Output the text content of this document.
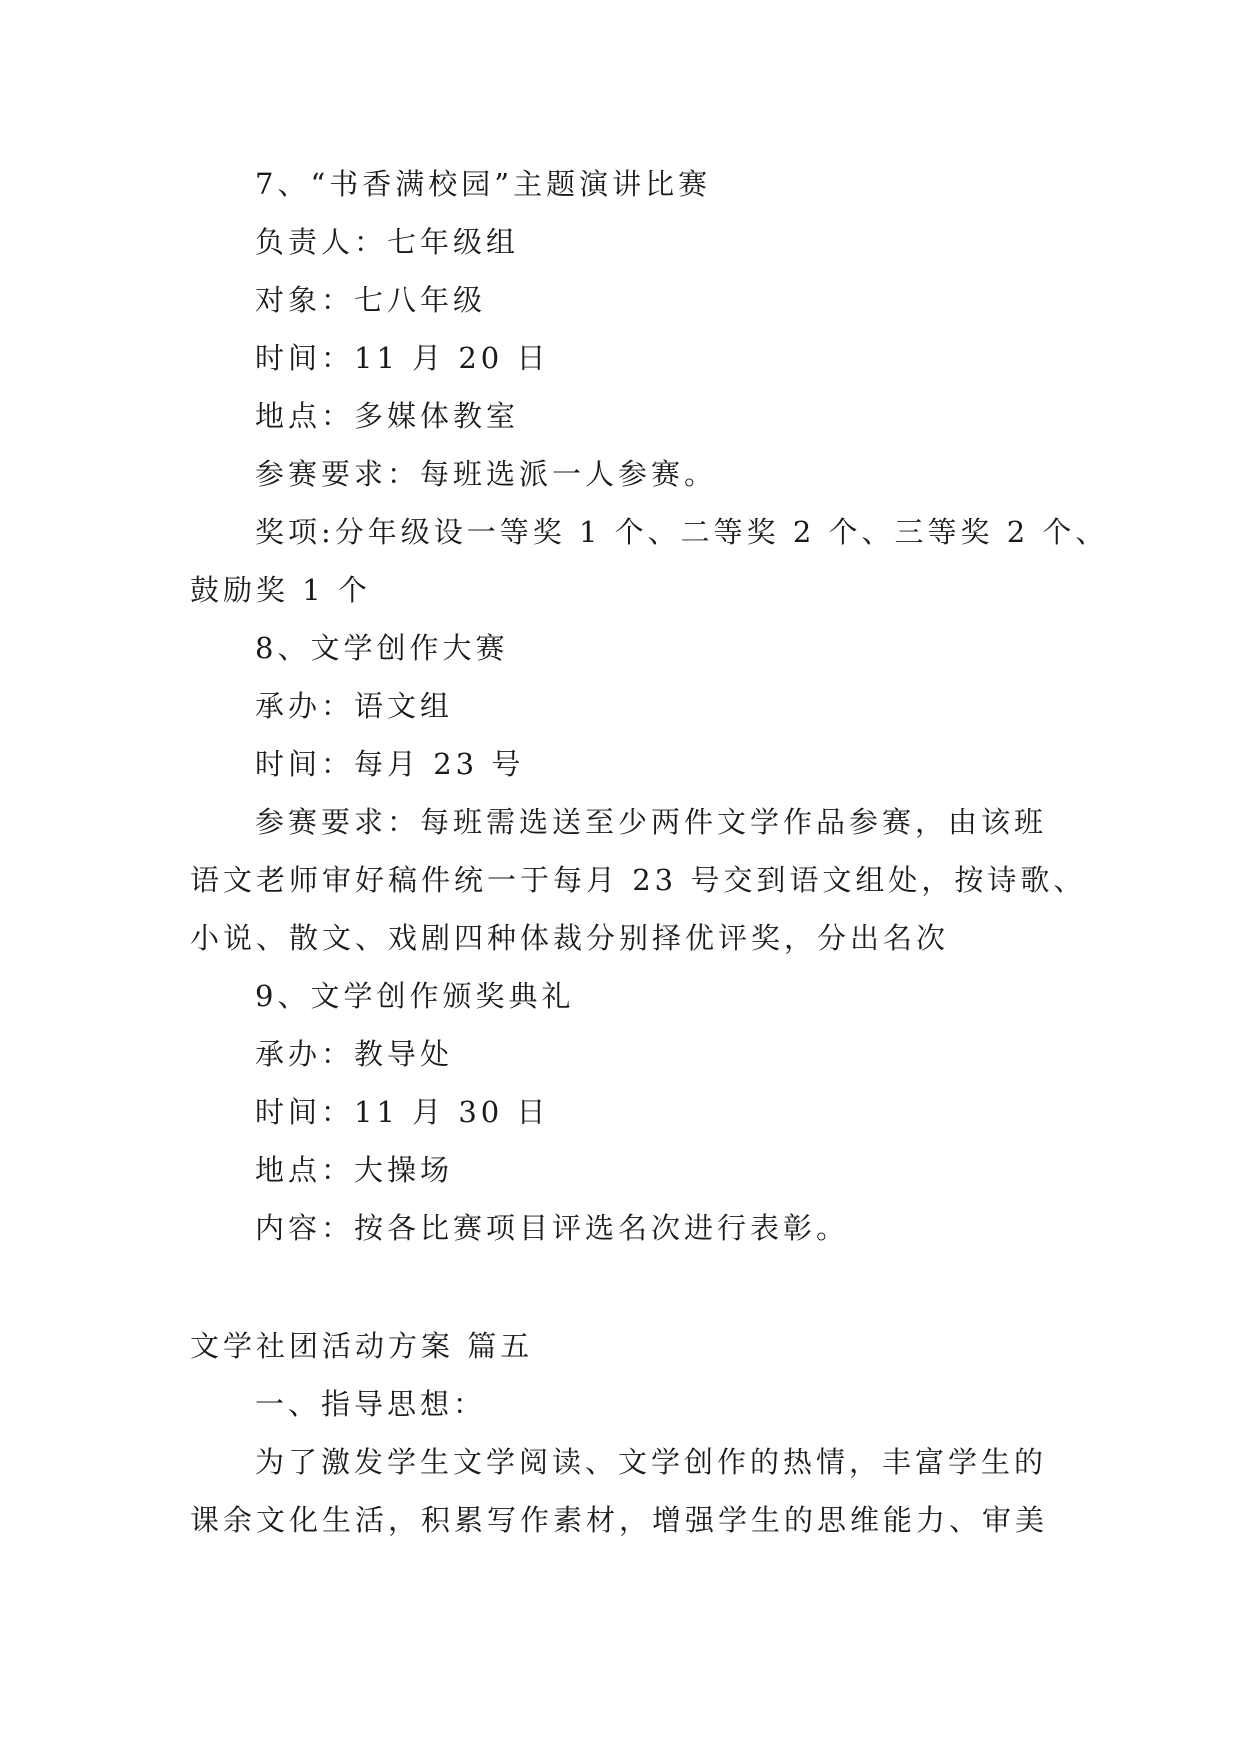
7、“书香满校园”主题演讲比赛
负责人：七年级组
对象：七八年级
时间：11 月 20 日
地点：多媒体教室
参赛要求：每班选派一人参赛。
奖项:分年级设一等奖 1 个、二等奖 2 个、三等奖 2 个、
鼓励奖 1 个
8、文学创作大赛
承办：语文组
时间：每月 23 号
参赛要求：每班需选送至少两件文学作品参赛，由该班
语文老师审好稿件统一于每月 23 号交到语文组处，按诗歌、
小说、散文、戏剧四种体裁分别择优评奖，分出名次
9、文学创作颁奖典礼
承办：教导处
时间：11 月 30 日
地点：大操场
内容：按各比赛项目评选名次进行表彰。
文学社团活动方案 篇五
一、指导思想：
为了激发学生文学阅读、文学创作的热情，丰富学生的
课余文化生活，积累写作素材，增强学生的思维能力、审美
